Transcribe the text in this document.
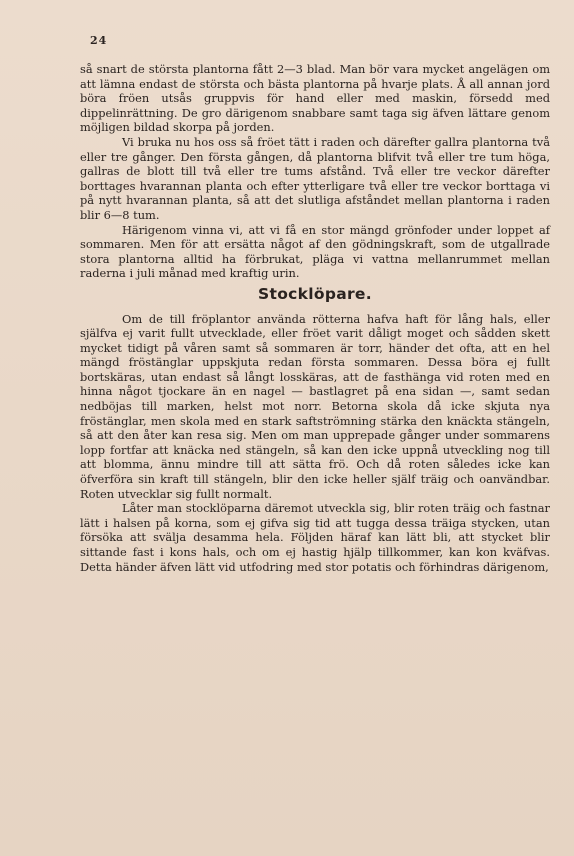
24

så snart de största plantorna fått 2—3 blad. Man bör vara mycket angelägen om att lämna endast de största och bästa plantorna på hvarje plats. Å all annan jord böra fröen utsås gruppvis för hand eller med maskin, försedd med dippelinrättning. De gro därigenom snabbare samt taga sig äfven lättare genom möjligen bildad skorpa på jorden.

Vi bruka nu hos oss så fröet tätt i raden och därefter gallra plantorna två eller tre gånger. Den första gången, då plantorna blifvit två eller tre tum höga, gallras de blott till två eller tre tums afstånd. Två eller tre veckor därefter borttages hvarannan planta och efter ytterligare två eller tre veckor borttaga vi på nytt hvarannan planta, så att det slutliga afståndet mellan plantorna i raden blir 6—8 tum.

Härigenom vinna vi, att vi få en stor mängd grönfoder under loppet af sommaren. Men för att ersätta något af den gödningskraft, som de utgallrade stora plantorna alltid ha förbrukat, pläga vi vattna mellanrummet mellan raderna i juli månad med kraftig urin.

Stocklöpare.

Om de till fröplantor använda rötterna hafva haft för lång hals, eller själfva ej varit fullt utvecklade, eller fröet varit dåligt moget och sådden skett mycket tidigt på våren samt så sommaren är torr, händer det ofta, att en hel mängd fröstänglar uppskjuta redan första sommaren. Dessa böra ej fullt bortskäras, utan endast så långt losskäras, att de fasthänga vid roten med en hinna något tjockare än en nagel — bastlagret på ena sidan —, samt sedan nedböjas till marken, helst mot norr. Betorna skola då icke skjuta nya fröstänglar, men skola med en stark saftströmning stärka den knäckta stängeln, så att den åter kan resa sig. Men om man upprepade gånger under sommarens lopp fortfar att knäcka ned stängeln, så kan den icke uppnå utveckling nog till att blomma, ännu mindre till att sätta frö. Och då roten således icke kan öfverföra sin kraft till stängeln, blir den icke heller själf träig och oanvändbar. Roten utvecklar sig fullt normalt.

Låter man stocklöparna däremot utveckla sig, blir roten träig och fastnar lätt i halsen på korna, som ej gifva sig tid att tugga dessa träiga stycken, utan försöka att svälja desamma hela. Följden häraf kan lätt bli, att stycket blir sittande fast i kons hals, och om ej hastig hjälp tillkommer, kan kon kväfvas. Detta händer äfven lätt vid utfodring med stor potatis och förhindras därigenom,
